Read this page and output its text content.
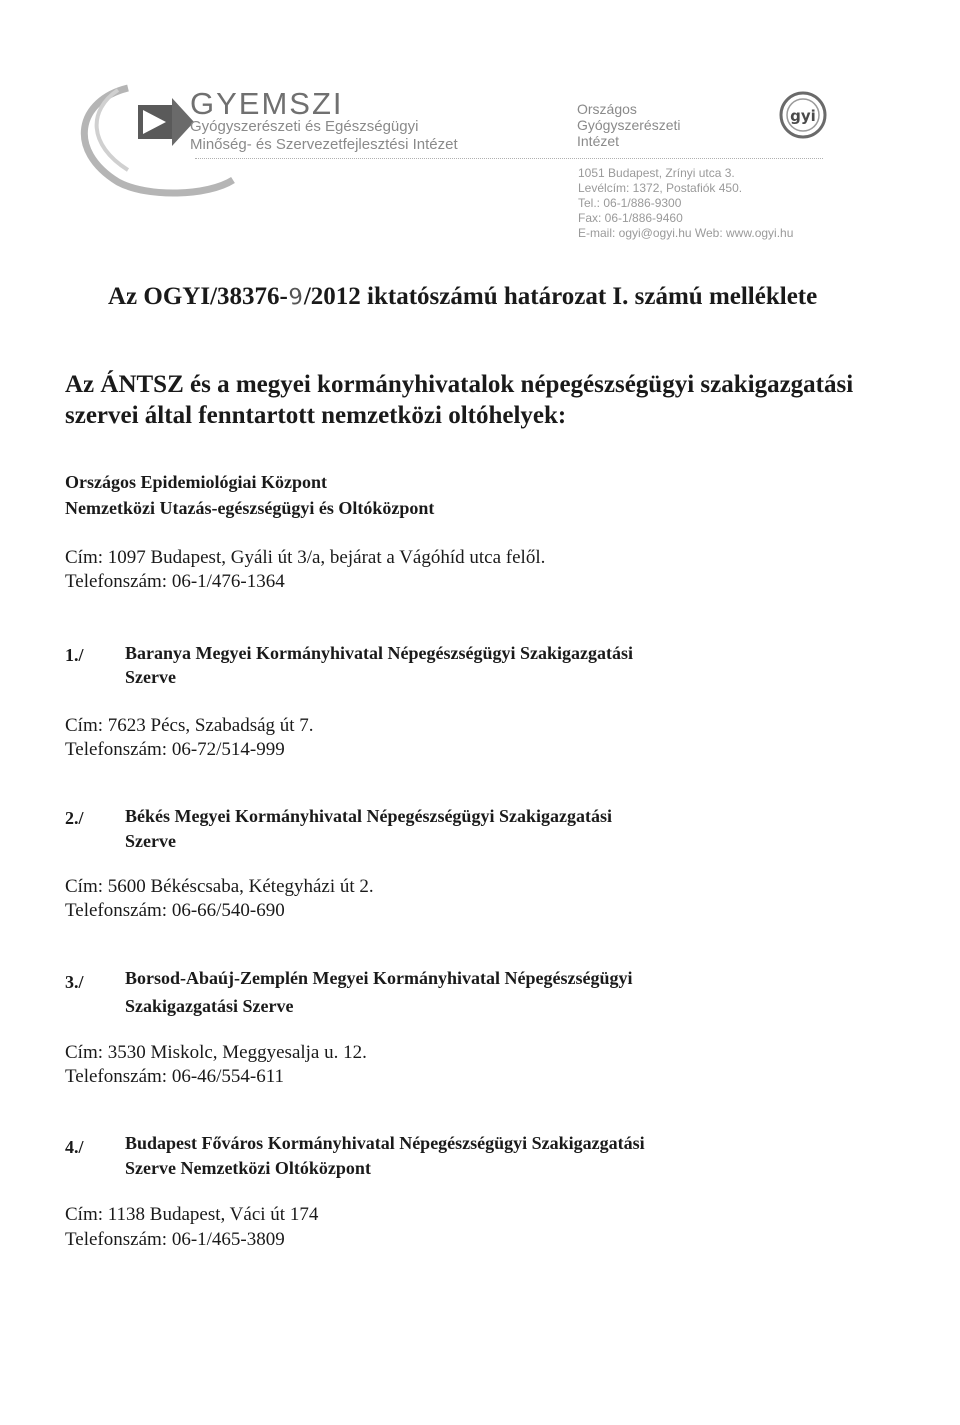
GYEMSZI
Gyógyszerészeti és Egészségügyi
Minőség- és Szervezetfejlesztési Intézet
Országos
Gyógyszerészeti
Intézet
gyi
1051 Budapest, Zrínyi utca 3.
Levélcím: 1372, Postafiók 450.
Tel.: 06-1/886-9300
Fax: 06-1/886-9460
E-mail: ogyi@ogyi.hu Web: www.ogyi.hu
Az OGYI/38376-9/2012 iktatószámú határozat I. számú melléklete
Az ÁNTSZ és a megyei kormányhivatalok népegészségügyi szakigazgatási
szervei által fenntartott nemzetközi oltóhelyek:
Országos Epidemiológiai Központ
Nemzetközi Utazás-egészségügyi és Oltóközpont
Cím: 1097 Budapest, Gyáli út 3/a, bejárat a Vágóhíd utca felől.
Telefonszám: 06-1/476-1364
1./ Baranya Megyei Kormányhivatal Népegészségügyi Szakigazgatási
Szerve
Cím: 7623 Pécs, Szabadság út 7.
Telefonszám: 06-72/514-999
2./ Békés Megyei Kormányhivatal Népegészségügyi Szakigazgatási
Szerve
Cím: 5600 Békéscsaba, Kétegyházi út 2.
Telefonszám: 06-66/540-690
3./ Borsod-Abaúj-Zemplén Megyei Kormányhivatal Népegészségügyi
Szakigazgatási Szerve
Cím: 3530 Miskolc, Meggyesalja u. 12.
Telefonszám: 06-46/554-611
4./ Budapest Főváros Kormányhivatal Népegészségügyi Szakigazgatási
Szerve Nemzetközi Oltóközpont
Cím: 1138 Budapest, Váci út 174
Telefonszám: 06-1/465-3809
